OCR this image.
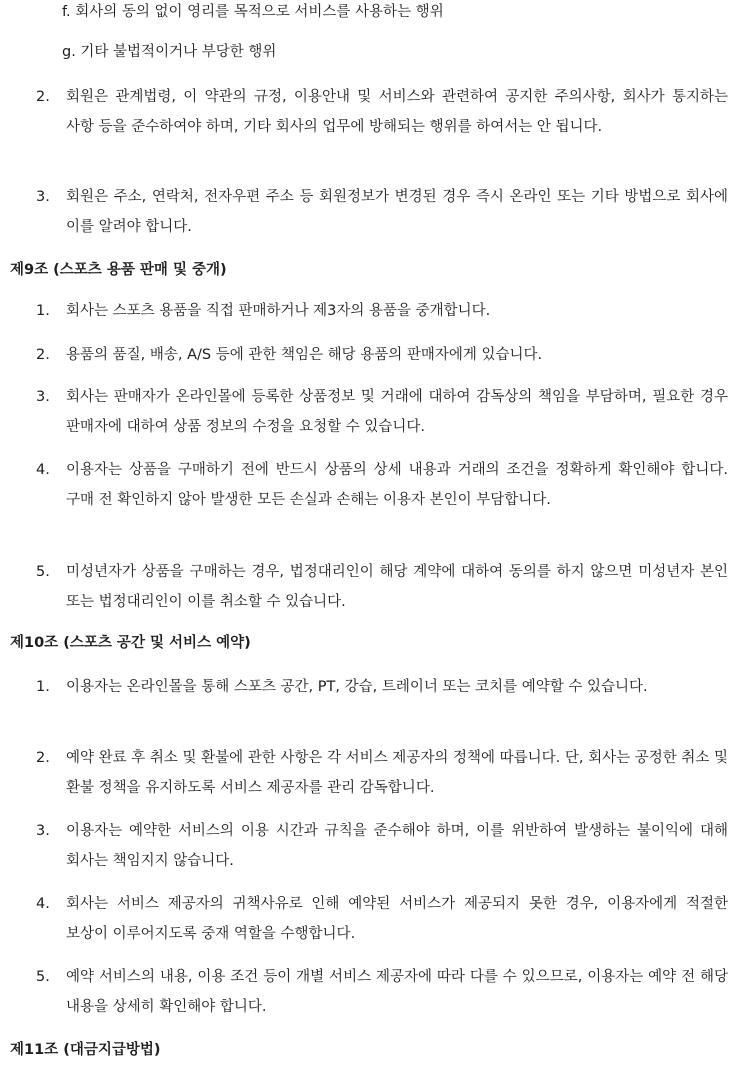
f. 회사의 동의 없이 영리를 목적으로 서비스를 사용하는 행위
g. 기타 불법적이거나 부당한 행위
2.	회원은 관계법령, 이 약관의 규정, 이용안내 및 서비스와 관련하여 공지한 주의사항, 회사가 통지하는 사항 등을 준수하여야 하며, 기타 회사의 업무에 방해되는 행위를 하여서는 안 됩니다.
3.	회원은 주소, 연락처, 전자우편 주소 등 회원정보가 변경된 경우 즉시 온라인 또는 기타 방법으로 회사에 이를 알려야 합니다.
제9조 (스포츠 용품 판매 및 중개)
1.	회사는 스포츠 용품을 직접 판매하거나 제3자의 용품을 중개합니다.
2.	용품의 품질, 배송, A/S 등에 관한 책임은 해당 용품의 판매자에게 있습니다.
3.	회사는 판매자가 온라인몰에 등록한 상품정보 및 거래에 대하여 감독상의 책임을 부담하며, 필요한 경우 판매자에 대하여 상품 정보의 수정을 요청할 수 있습니다.
4.	이용자는 상품을 구매하기 전에 반드시 상품의 상세 내용과 거래의 조건을 정확하게 확인해야 합니다. 구매 전 확인하지 않아 발생한 모든 손실과 손해는 이용자 본인이 부담합니다.
5.	미성년자가 상품을 구매하는 경우, 법정대리인이 해당 계약에 대하여 동의를 하지 않으면 미성년자 본인 또는 법정대리인이 이를 취소할 수 있습니다.
제10조 (스포츠 공간 및 서비스 예약)
1.	이용자는 온라인몰을 통해 스포츠 공간, PT, 강습, 트레이너 또는 코치를 예약할 수 있습니다.
2.	예약 완료 후 취소 및 환불에 관한 사항은 각 서비스 제공자의 정책에 따릅니다. 단, 회사는 공정한 취소 및 환불 정책을 유지하도록 서비스 제공자를 관리 감독합니다.
3.	이용자는 예약한 서비스의 이용 시간과 규칙을 준수해야 하며, 이를 위반하여 발생하는 불이익에 대해 회사는 책임지지 않습니다.
4.	회사는 서비스 제공자의 귀책사유로 인해 예약된 서비스가 제공되지 못한 경우, 이용자에게 적절한 보상이 이루어지도록 중재 역할을 수행합니다.
5.	예약 서비스의 내용, 이용 조건 등이 개별 서비스 제공자에 따라 다를 수 있으므로, 이용자는 예약 전 해당 내용을 상세히 확인해야 합니다.
제11조 (대금지급방법)
